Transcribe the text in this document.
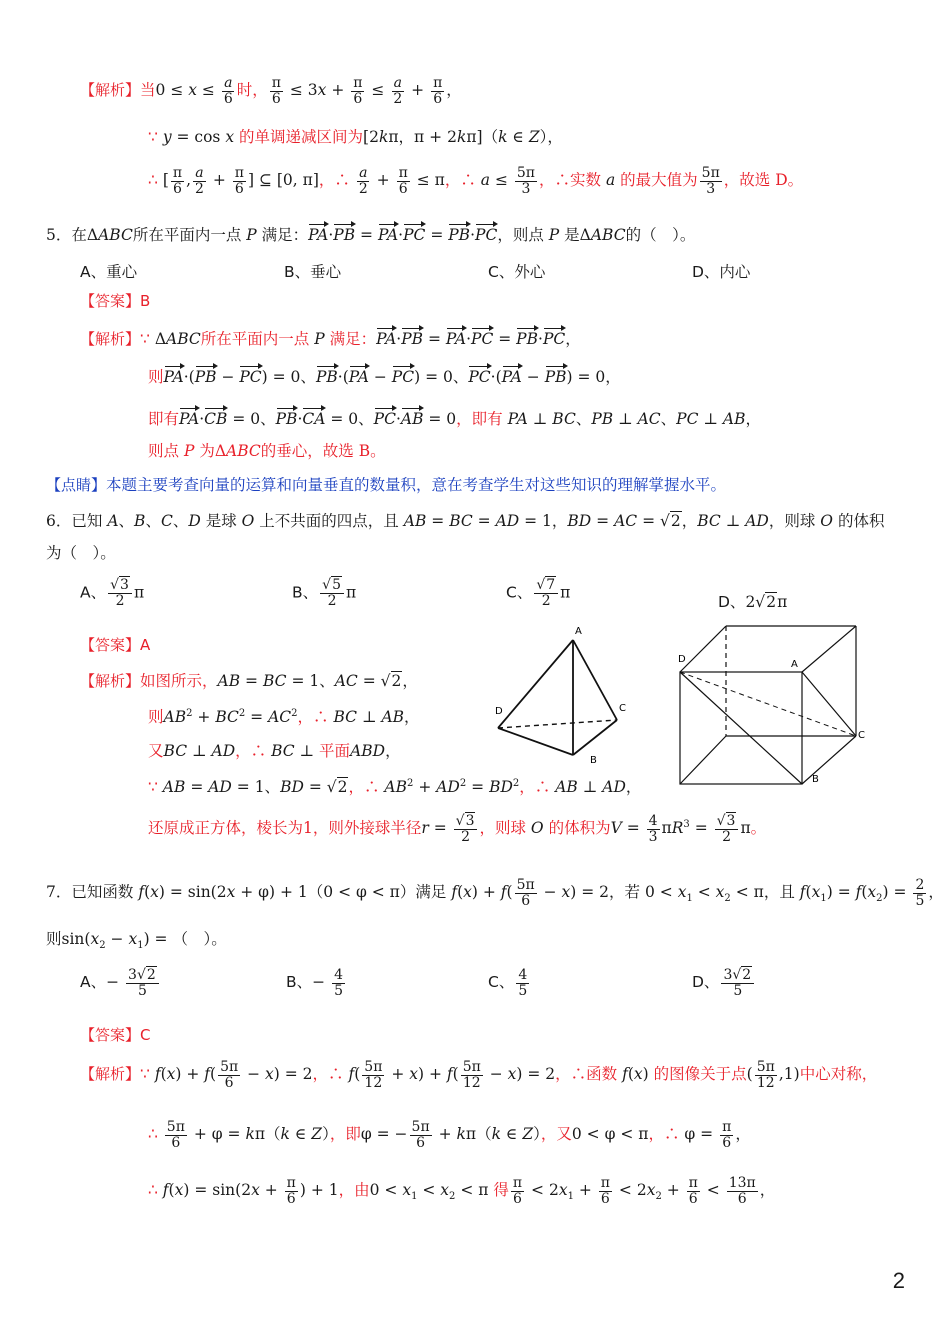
【解析】当$0 \le x \le \frac{a}{6}$ 时， $\frac{\pi}{6} \le 3x + \frac{\pi}{6} \le \frac{a}{2} + \frac{\pi}{6}$ ，
∵ y = cos x 的单调递减区间为[2kπ，π + 2kπ]（k ∈ Z），
∴ [ $\frac{\pi}{6}$ , $\frac{a}{2} + \frac{\pi}{6}$ ] ⊆ [0, π]，∴ $\frac{a}{2} + \frac{\pi}{6} \le \pi$，∴ $a \le \frac{5\pi}{3}$ ，∴实数 a 的最大值为 $\frac{5\pi}{3}$ ，故选 D。
5．在ΔABC所在平面内一点 P 满足：PA·PB = PA·PC = PB·PC，则点 P 是ΔABC的（　）。
A、重心	B、垂心	C、外心	D、内心
【答案】B
【解析】∵ ΔABC所在平面内一点 P 满足：PA·PB = PA·PC = PB·PC，
则PA·(PB − PC) = 0、PB·(PA − PC) = 0、PC·(PA − PB) = 0，
即有PA·CB = 0、PB·CA = 0、PC·AB = 0，即有 PA ⊥ BC、PB ⊥ AC、PC ⊥ AB，
则点 P 为ΔABC的垂心，故选 B。
【点睛】本题主要考查向量的运算和向量垂直的数量积，意在考查学生对这些知识的理解掌握水平。
6．已知 A、B、C、D 是球 O 上不共面的四点，且 AB = BC = AD = 1，BD = AC = √2，BC ⊥ AD，则球 O 的体积
为（　）。
A、 $\frac{√3}{2}$ π	B、 $\frac{√5}{2}$ π	C、 $\frac{√7}{2}$ π
D、2√2π
【答案】A
【解析】如图所示，AB = BC = 1、AC = √2，
则$AB^2 + BC^2 = AC^2$，∴ BC ⊥ AB，
又BC ⊥ AD，∴ BC ⊥ 平面ABD，
∵ AB = AD = 1、BD = √2，∴ $AB^2 + AD^2 = BD^2$，∴ AB ⊥ AD，
还原成正方体，棱长为1，则外接球半径$r = \frac{√3}{2}$ ，则球 O 的体积为$V = \frac{4}{3} \pi R^3 = \frac{√3}{2}$ π。
A
D	C
B
D	A
C
B
7．已知函数 f(x) = sin(2x + φ) + 1（0 < φ < π）满足 $f(x) + f( \frac{5\pi}{6} - x) = 2$，若 $0 < x_1 < x_2 < \pi$，且 $f(x_1) = f(x_2) = \frac{2}{5}$ ，
则$\sin(x_2 - x_1)$ = （　）。
A、− $\frac{3√2}{5}$	B、− $\frac{4}{5}$	C、 $\frac{4}{5}$	D、 $\frac{3√2}{5}$
【答案】C
【解析】∵ $f(x) + f( \frac{5\pi}{6} - x) = 2$，∴ $f( \frac{5\pi}{12} + x) + f( \frac{5\pi}{12} - x) = 2$，∴函数 f(x) 的图像关于点( $\frac{5\pi}{12} ,1$)中心对称，
∴ $\frac{5\pi}{6} + \varphi = k\pi(k$ ∈ Z），即φ = − $\frac{5\pi}{6} + k\pi(k$ ∈ Z），又0 < φ < π，∴ $\varphi = \frac{\pi}{6}$ ，
∴ $f(x) = \sin(2x + \frac{\pi}{6}$ ) + 1，由$0 < x_1 < x_2 < \pi$ 得 $\frac{\pi}{6} < 2x_1 + \frac{\pi}{6} < 2x_2 + \frac{\pi}{6} < \frac{13\pi}{6}$ ，
2
